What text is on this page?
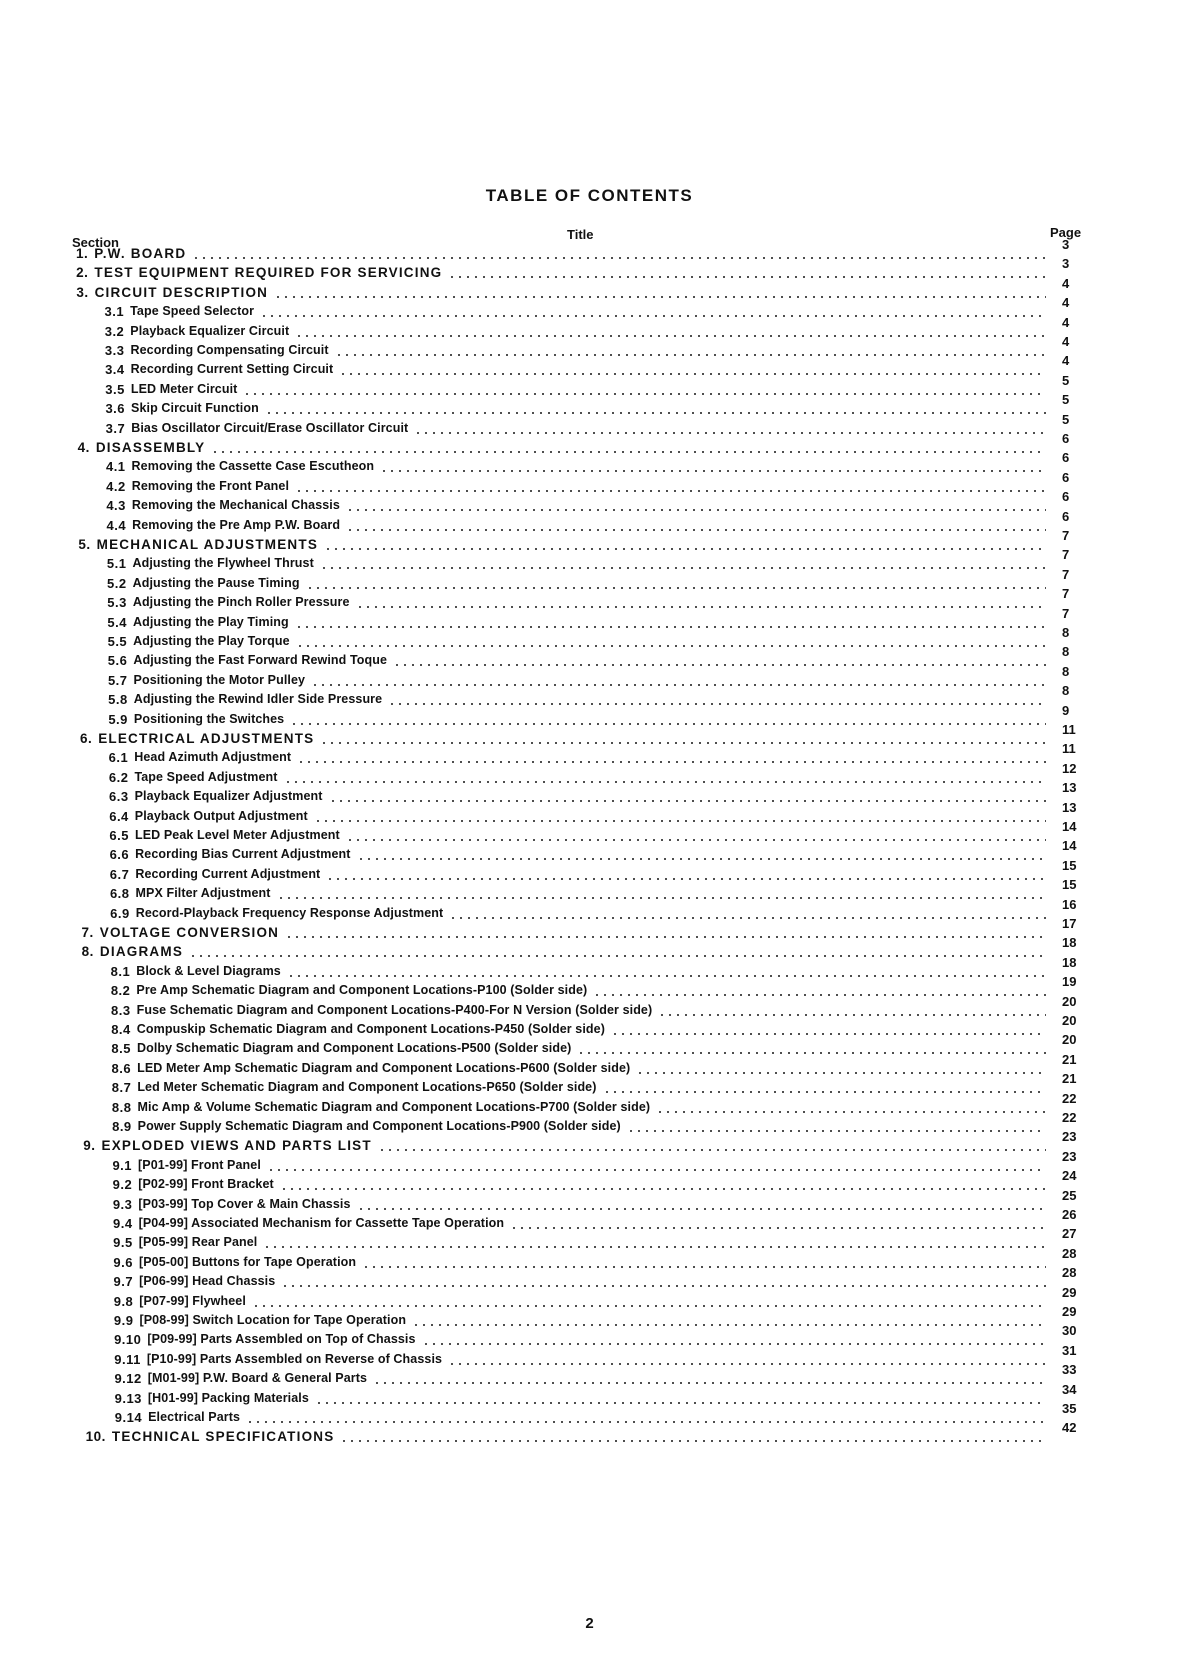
TABLE OF CONTENTS
Section
Title	Page
1. P.W. BOARD
3
2. TEST EQUIPMENT REQUIRED FOR SERVICING
3
3. CIRCUIT DESCRIPTION
4
3.1 Tape Speed Selector
4
3.2 Playback Equalizer Circuit
4
3.3 Recording Compensating Circuit
4
3.4 Recording Current Setting Circuit
4
3.5 LED Meter Circuit
5
3.6 Skip Circuit Function
5
3.7 Bias Oscillator Circuit/Erase Oscillator Circuit
5
4. DISASSEMBLY
6
4.1 Removing the Cassette Case Escutheon
6
4.2 Removing the Front Panel
6
4.3 Removing the Mechanical Chassis
6
4.4 Removing the Pre Amp P.W. Board
6
5. MECHANICAL ADJUSTMENTS
7
5.1 Adjusting the Flywheel Thrust
7
5.2 Adjusting the Pause Timing
7
5.3 Adjusting the Pinch Roller Pressure
7
5.4 Adjusting the Play Timing
7
5.5 Adjusting the Play Torque
8
5.6 Adjusting the Fast Forward Rewind Toque
8
5.7 Positioning the Motor Pulley
8
5.8 Adjusting the Rewind Idler Side Pressure
8
5.9 Positioning the Switches
9
6. ELECTRICAL ADJUSTMENTS
11
6.1 Head Azimuth Adjustment
11
6.2 Tape Speed Adjustment
12
6.3 Playback Equalizer Adjustment
13
6.4 Playback Output Adjustment
13
6.5 LED Peak Level Meter Adjustment
14
6.6 Recording Bias Current Adjustment
14
6.7 Recording Current Adjustment
15
6.8 MPX Filter Adjustment
15
6.9 Record-Playback Frequency Response Adjustment
16
7. VOLTAGE CONVERSION
17
8. DIAGRAMS
18
8.1 Block & Level Diagrams
18
8.2 Pre Amp Schematic Diagram and Component Locations-P100 (Solder side)
19
8.3 Fuse Schematic Diagram and Component Locations-P400-For N Version (Solder side)
20
8.4 Compuskip Schematic Diagram and Component Locations-P450 (Solder side)
20
8.5 Dolby Schematic Diagram and Component Locations-P500 (Solder side)
20
8.6 LED Meter Amp Schematic Diagram and Component Locations-P600 (Solder side)
21
8.7 Led Meter Schematic Diagram and Component Locations-P650 (Solder side)
21
8.8 Mic Amp & Volume Schematic Diagram and Component Locations-P700 (Solder side)
22
8.9 Power Supply Schematic Diagram and Component Locations-P900 (Solder side)
22
9. EXPLODED VIEWS AND PARTS LIST
23
9.1 [P01-99] Front Panel
23
9.2 [P02-99] Front Bracket
24
9.3 [P03-99] Top Cover & Main Chassis
25
9.4 [P04-99] Associated Mechanism for Cassette Tape Operation
26
9.5 [P05-99] Rear Panel
27
9.6 [P05-00] Buttons for Tape Operation
28
9.7 [P06-99] Head Chassis
28
9.8 [P07-99] Flywheel
29
9.9 [P08-99] Switch Location for Tape Operation
29
9.10 [P09-99] Parts Assembled on Top of Chassis
30
9.11 [P10-99] Parts Assembled on Reverse of Chassis
31
9.12 [M01-99] P.W. Board & General Parts
33
9.13 [H01-99] Packing Materials
34
9.14 Electrical Parts
35
10. TECHNICAL SPECIFICATIONS
42
2
